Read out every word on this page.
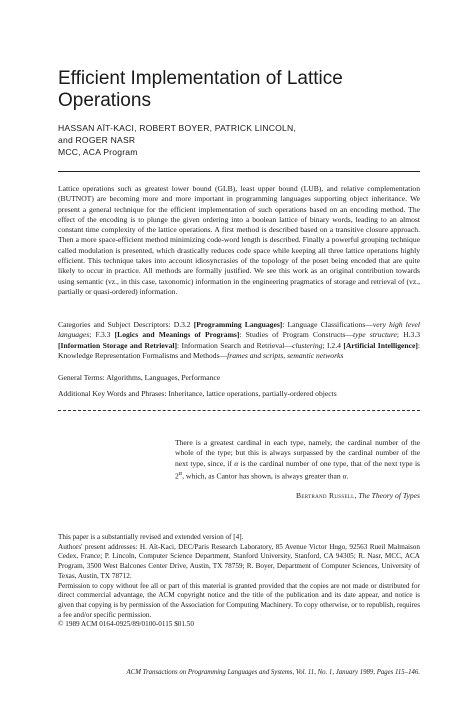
Efficient Implementation of Lattice Operations
HASSAN AÏT-KACI, ROBERT BOYER, PATRICK LINCOLN,
and ROGER NASR
MCC, ACA Program
Lattice operations such as greatest lower bound (GLB), least upper bound (LUB), and relative complementation (BUTNOT) are becoming more and more important in programming languages supporting object inheritance. We present a general technique for the efficient implementation of such operations based on an encoding method. The effect of the encoding is to plunge the given ordering into a boolean lattice of binary words, leading to an almost constant time complexity of the lattice operations. A first method is described based on a transitive closure approach. Then a more space-efficient method minimizing code-word length is described. Finally a powerful grouping technique called modulation is presented, which drastically reduces code space while keeping all three lattice operations highly efficient. This technique takes into account idiosyncrasies of the topology of the poset being encoded that are quite likely to occur in practice. All methods are formally justified. We see this work as an original contribution towards using semantic (vz., in this case, taxonomic) information in the engineering pragmatics of storage and retrieval of (vz., partially or quasi-ordered) information.
Categories and Subject Descriptors: D.3.2 [Programming Languages]: Language Classifications—very high level languages; F.3.3 [Logics and Meanings of Programs]: Studies of Program Constructs—type structure; H.3.3 [Information Storage and Retrieval]: Information Search and Retrieval—clustering; I.2.4 [Artificial Intelligence]: Knowledge Representation Formalisms and Methods—frames and scripts, semantic networks
General Terms: Algorithms, Languages, Performance
Additional Key Words and Phrases: Inheritance, lattice operations, partially-ordered objects
There is a greatest cardinal in each type, namely, the cardinal number of the whole of the type; but this is always surpassed by the cardinal number of the next type, since, if α is the cardinal number of one type, that of the next type is $2^\alpha$, which, as Cantor has shown, is always greater than α.
Bertrand Russell, The Theory of Types

This paper is a substantially revised and extended version of [4].

Authors' present addresses: H. Aït-Kaci, DEC/Paris Research Laboratory, 85 Avenue Victor Hugo, 92563 Rueil Malmaison Cedex, France; P. Lincoln, Computer Science Department, Stanford University, Stanford, CA 94305; R. Nasr, MCC, ACA Program, 3500 West Balcones Center Drive, Austin, TX 78759; R. Boyer, Department of Computer Sciences, University of Texas, Austin, TX 78712.

Permission to copy without fee all or part of this material is granted provided that the copies are not made or distributed for direct commercial advantage, the ACM copyright notice and the title of the publication and its date appear, and notice is given that copying is by permission of the Association for Computing Machinery. To copy otherwise, or to republish, requires a fee and/or specific permission.

© 1989 ACM 0164-0925/89/0100-0115 $01.50

ACM Transactions on Programming Languages and Systems, Vol. 11, No. 1, January 1989, Pages 115–146.
